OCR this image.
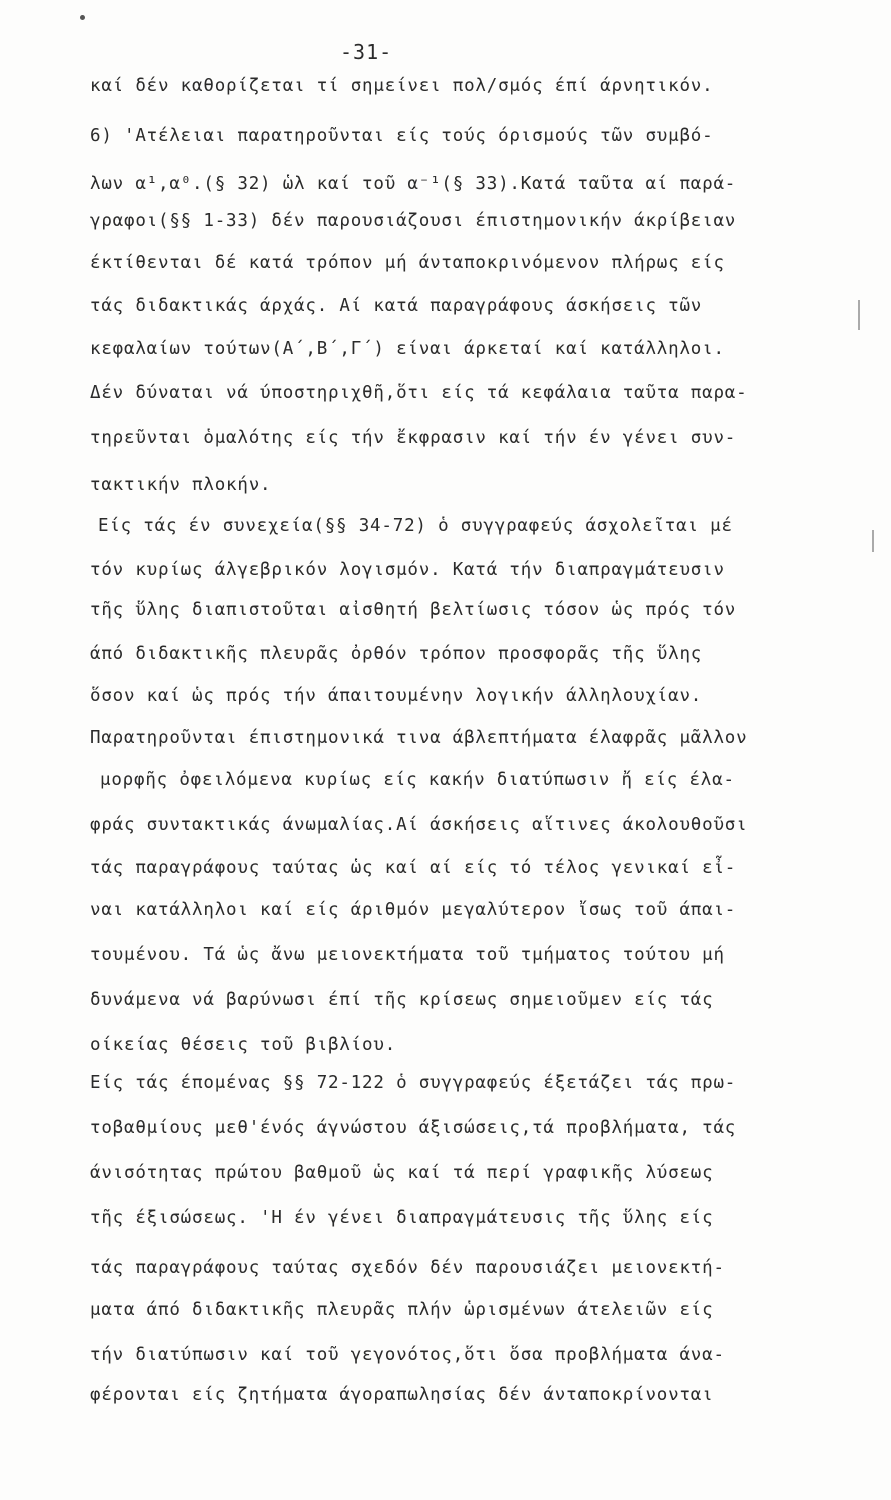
-31-
καί δέν καθορίζεται τί σημείνει πολ/σμός έπί άρνητικόν.
6) 'Ατέλειαι παρατηροῦνται είς τούς όρισμούς τῶν συμβό-
λων α¹,α⁰.(§ 32) ὡλ καί τοῦ α⁻¹(§ 33).Κατά ταῦτα αί παρά-
γραφοι(§§ 1-33) δέν παρουσιάζουσι έπιστημονικήν άκρίβειαν
έκτίθενται δέ κατά τρόπον μή άνταποκρινόμενον πλήρως είς
τάς διδακτικάς άρχάς. Αί κατά παραγράφους άσκήσεις τῶν
κεφαλαίων τούτων(Α΄,Β΄,Γ΄) είναι άρκεταί καί κατάλληλοι.
Δέν δύναται νά ύποστηριχθῆ,ὅτι είς τά κεφάλαια ταῦτα παρα-
τηρεῦνται ὁμαλότης είς τήν ἔκφρασιν καί τήν έν γένει συν-
τακτικήν πλοκήν.
Είς τάς έν συνεχεία(§§ 34-72) ὁ συγγραφεύς άσχολεῖται μέ
τόν κυρίως άλγεβρικόν λογισμόν. Κατά τήν διαπραγμάτευσιν
τῆς ὕλης διαπιστοῦται αἰσθητή βελτίωσις τόσον ὡς πρός τόν
άπό διδακτικῆς πλευρᾶς ὀρθόν τρόπον προσφορᾶς τῆς ὕλης
ὅσον καί ὡς πρός τήν άπαιτουμένην λογικήν άλληλουχίαν.
Παρατηροῦνται έπιστημονικά τινα άβλεπτήματα έλαφρᾶς μᾶλλον
μορφῆς ὀφειλόμενα κυρίως είς κακήν διατύπωσιν ἤ είς έλα-
φράς συντακτικάς άνωμαλίας.Αί άσκήσεις αἵτινες άκολουθοῦσι
τάς παραγράφους ταύτας ὡς καί αί είς τό τέλος γενικαί εἶ-
ναι κατάλληλοι καί είς άριθμόν μεγαλύτερον ἴσως τοῦ άπαι-
τουμένου. Τά ὡς ἄνω μειονεκτήματα τοῦ τμήματος τούτου μή
δυνάμενα νά βαρύνωσι έπί τῆς κρίσεως σημειοῦμεν είς τάς
οίκείας θέσεις τοῦ βιβλίου.
Είς τάς έπομένας §§ 72-122 ὁ συγγραφεύς έξετάζει τάς πρω-
τοβαθμίους μεθ'ένός άγνώστου άξισώσεις,τά προβλήματα, τάς
άνισότητας πρώτου βαθμοῦ ὡς καί τά περί γραφικῆς λύσεως
τῆς έξισώσεως. 'Η έν γένει διαπραγμάτευσις τῆς ὕλης είς
τάς παραγράφους ταύτας σχεδόν δέν παρουσιάζει μειονεκτή-
ματα άπό διδακτικῆς πλευρᾶς πλήν ὡρισμένων άτελειῶν είς
τήν διατύπωσιν καί τοῦ γεγονότος,ὅτι ὅσα προβλήματα άνα-
φέρονται είς ζητήματα άγοραπωλησίας δέν άνταποκρίνονται
